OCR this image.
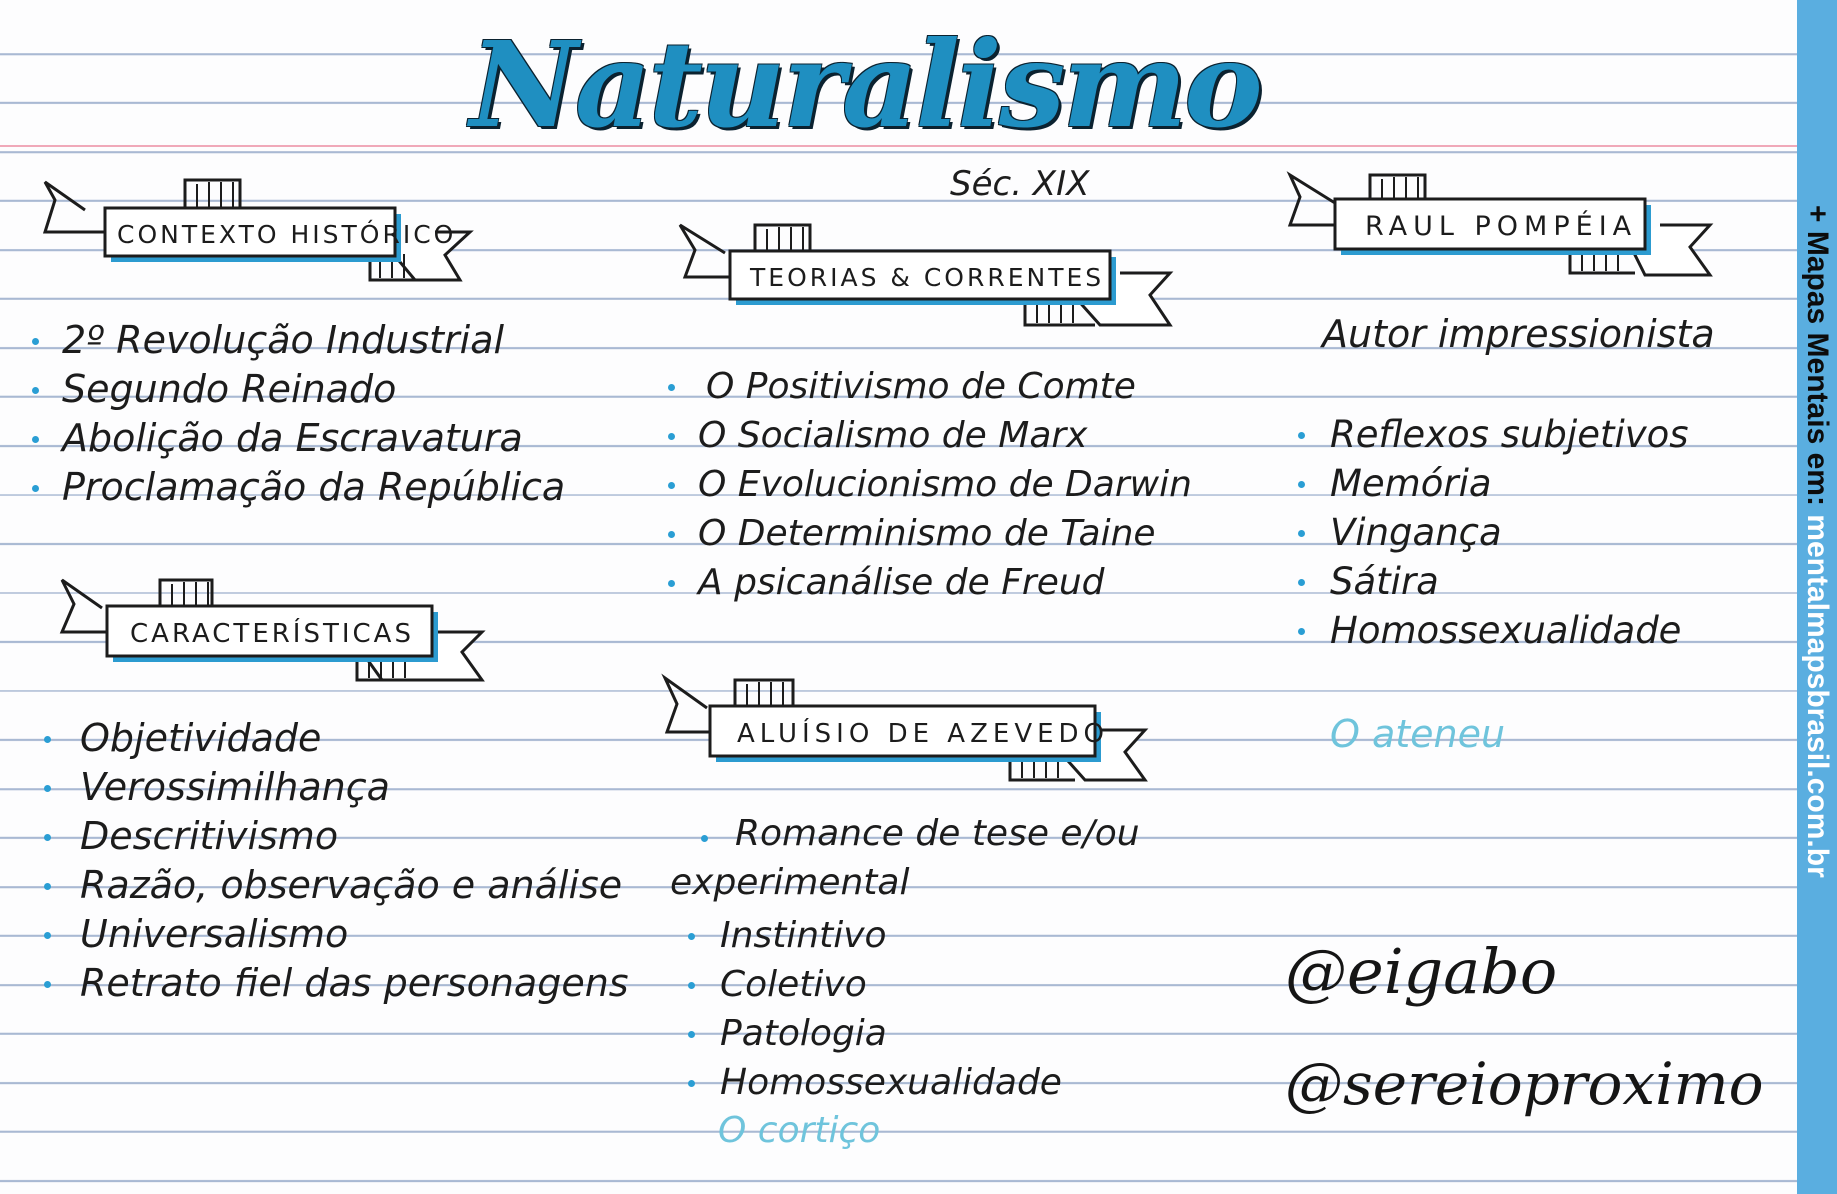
+ Mapas Mentais em: mentalmapsbrasil.com.br
Naturalismo
Séc. XIX
CONTEXTO HISTÓRICO
TEORIAS & CORRENTES
RAUL POMPÉIA
CARACTERÍSTICAS
ALUÍSIO DE AZEVEDO
2º Revolução Industrial
Segundo Reinado
Abolição da Escravatura
Proclamação da República
Objetividade
Verossimilhança
Descritivismo
Razão, observação e análise
Universalismo
Retrato fiel das personagens
O Positivismo de Comte
O Socialismo de Marx
O Evolucionismo de Darwin
O Determinismo de Taine
A psicanálise de Freud
Romance de tese e/ou
experimental
Instintivo
Coletivo
Patologia
Homossexualidade
O cortiço
Autor impressionista
Reflexos subjetivos
Memória
Vingança
Sátira
Homossexualidade
O ateneu
@eigabo
@sereioproximo
